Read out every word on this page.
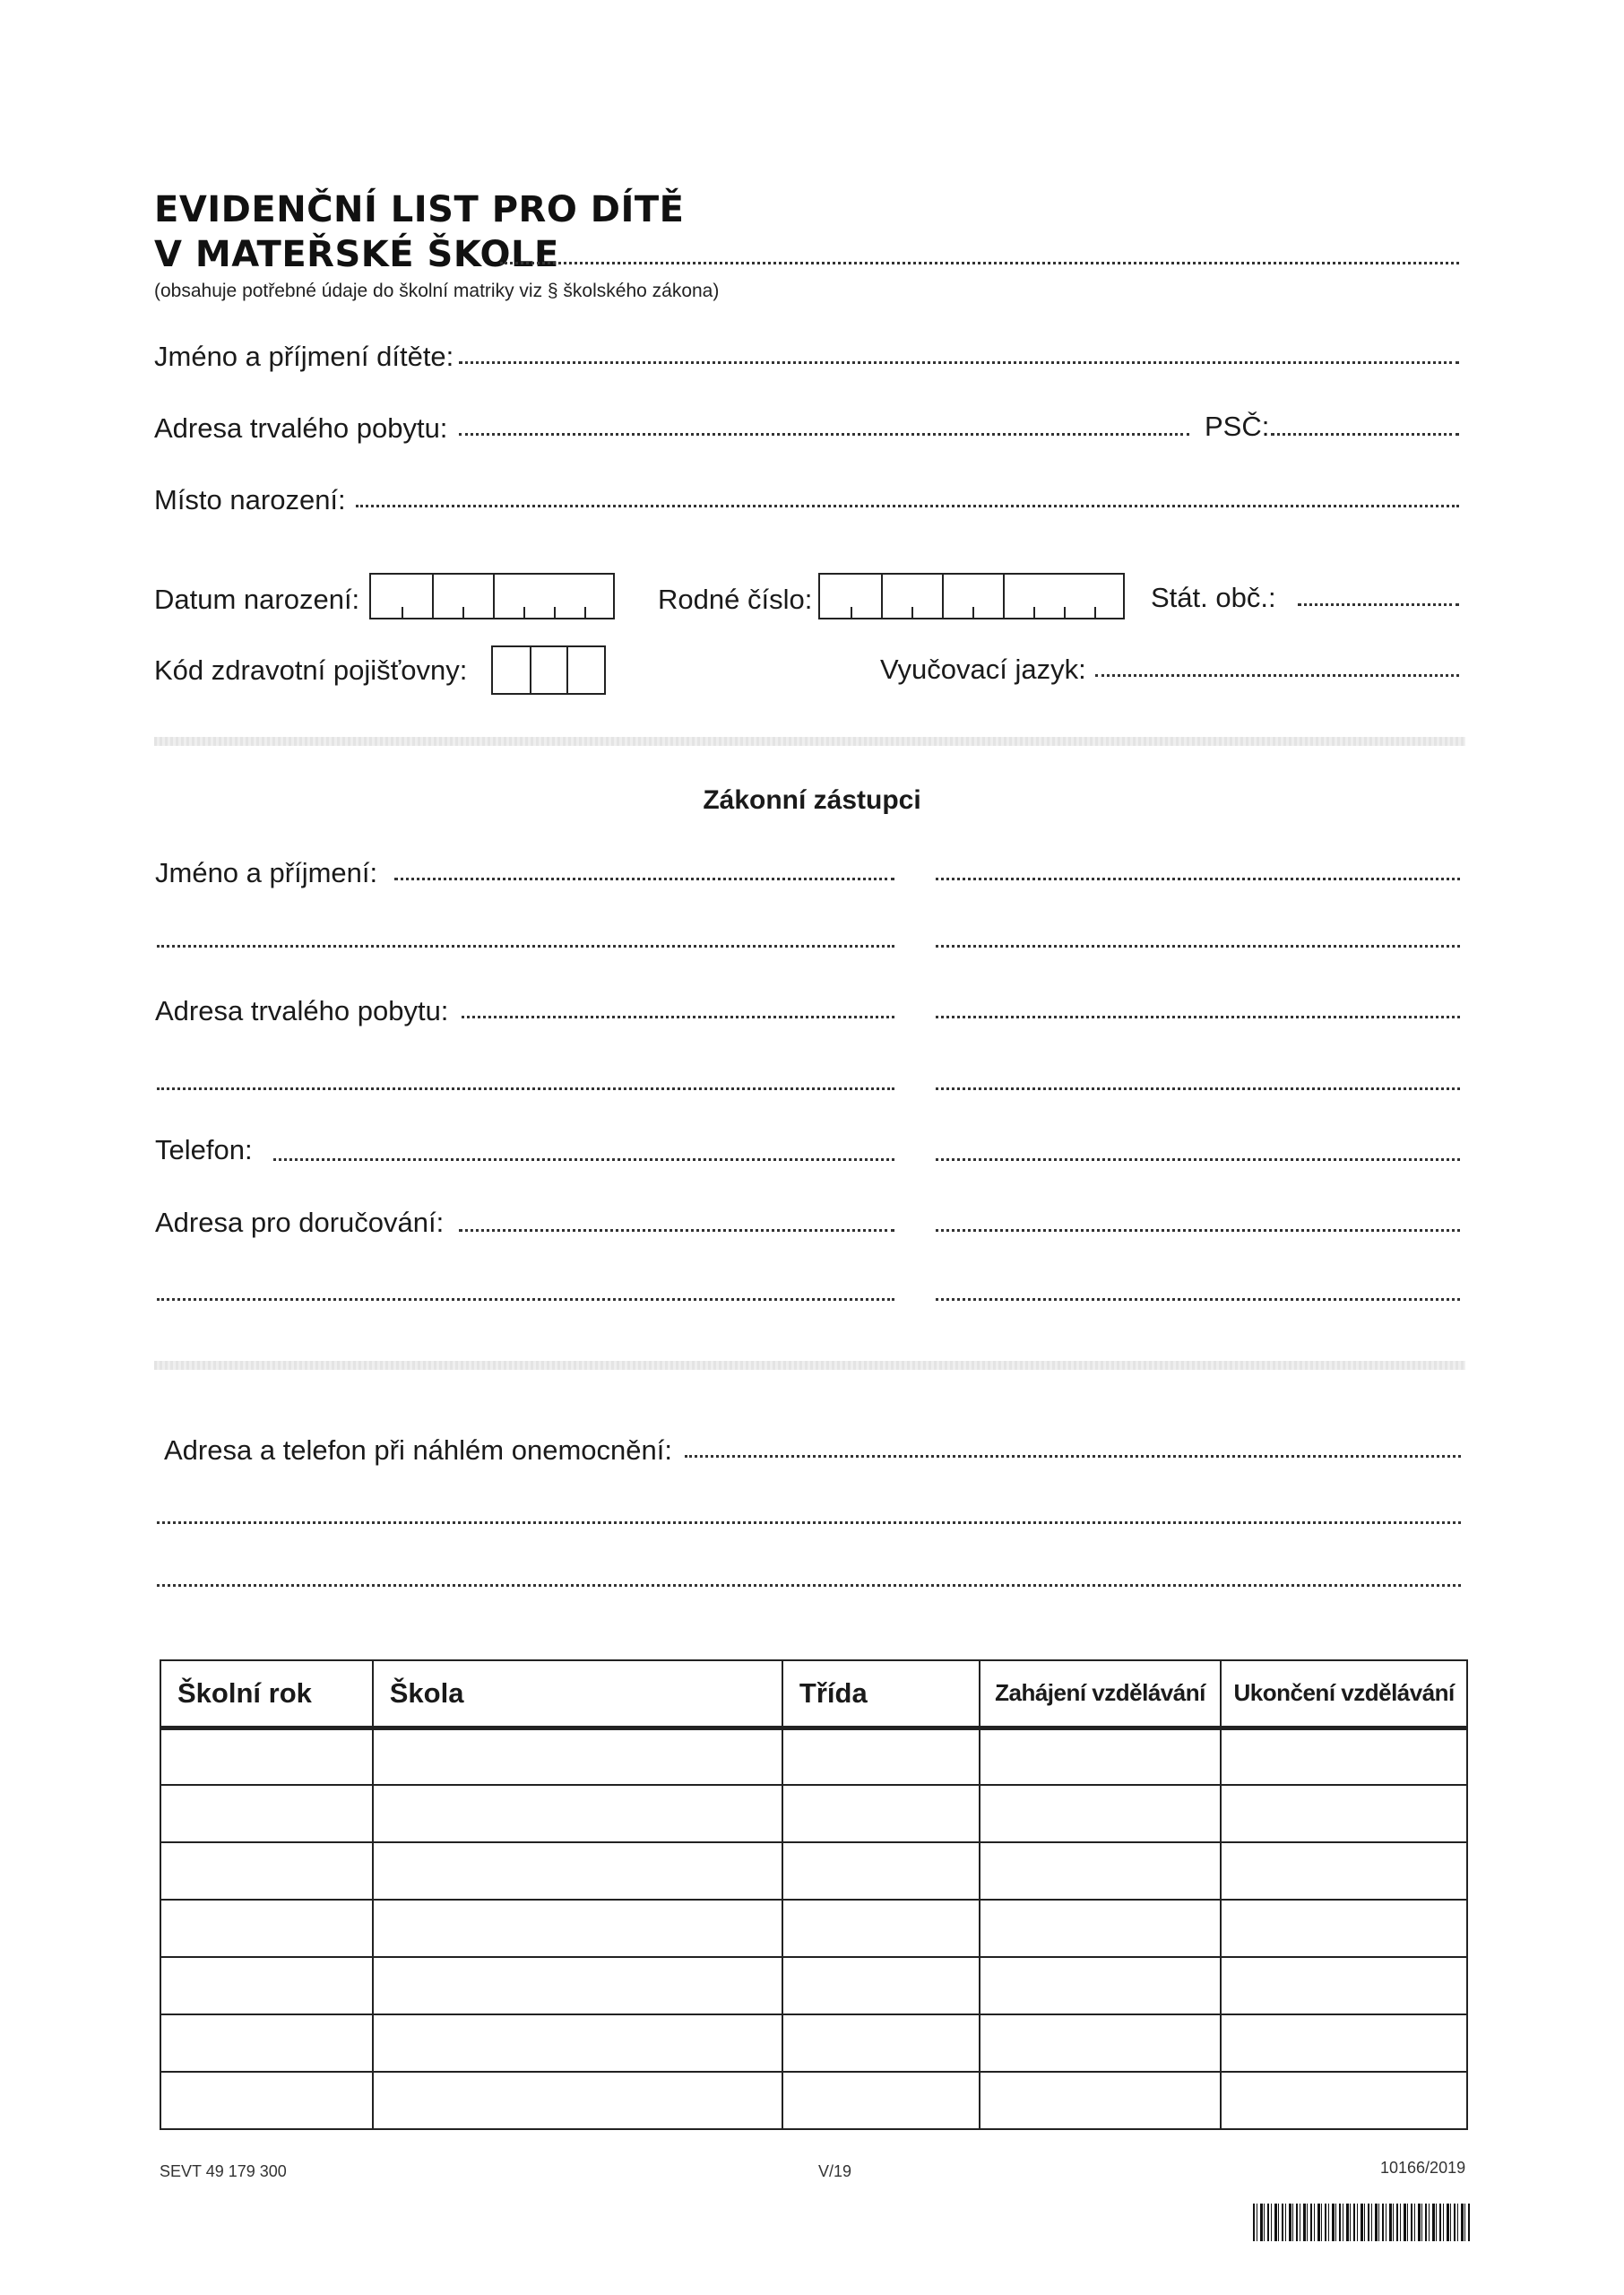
EVIDENČNÍ LIST PRO DÍTĚ
V MATEŘSKÉ ŠKOLE
(obsahuje potřebné údaje do školní matriky viz § školského zákona)
Jméno a příjmení dítěte:
Adresa trvalého pobytu:	PSČ:
Místo narození:
Datum narození:	Rodné číslo:	Stát. obč.:
Kód zdravotní pojišťovny:	Vyučovací jazyk:
Zákonní zástupci
Jméno a příjmení:
Adresa trvalého pobytu:
Telefon:
Adresa pro doručování:
Adresa a telefon při náhlém onemocnění:
Školní rok	Škola	Třída	Zahájení vzdělávání	Ukončení vzdělávání

SEVT 49 179 300	V/19	10166/2019
